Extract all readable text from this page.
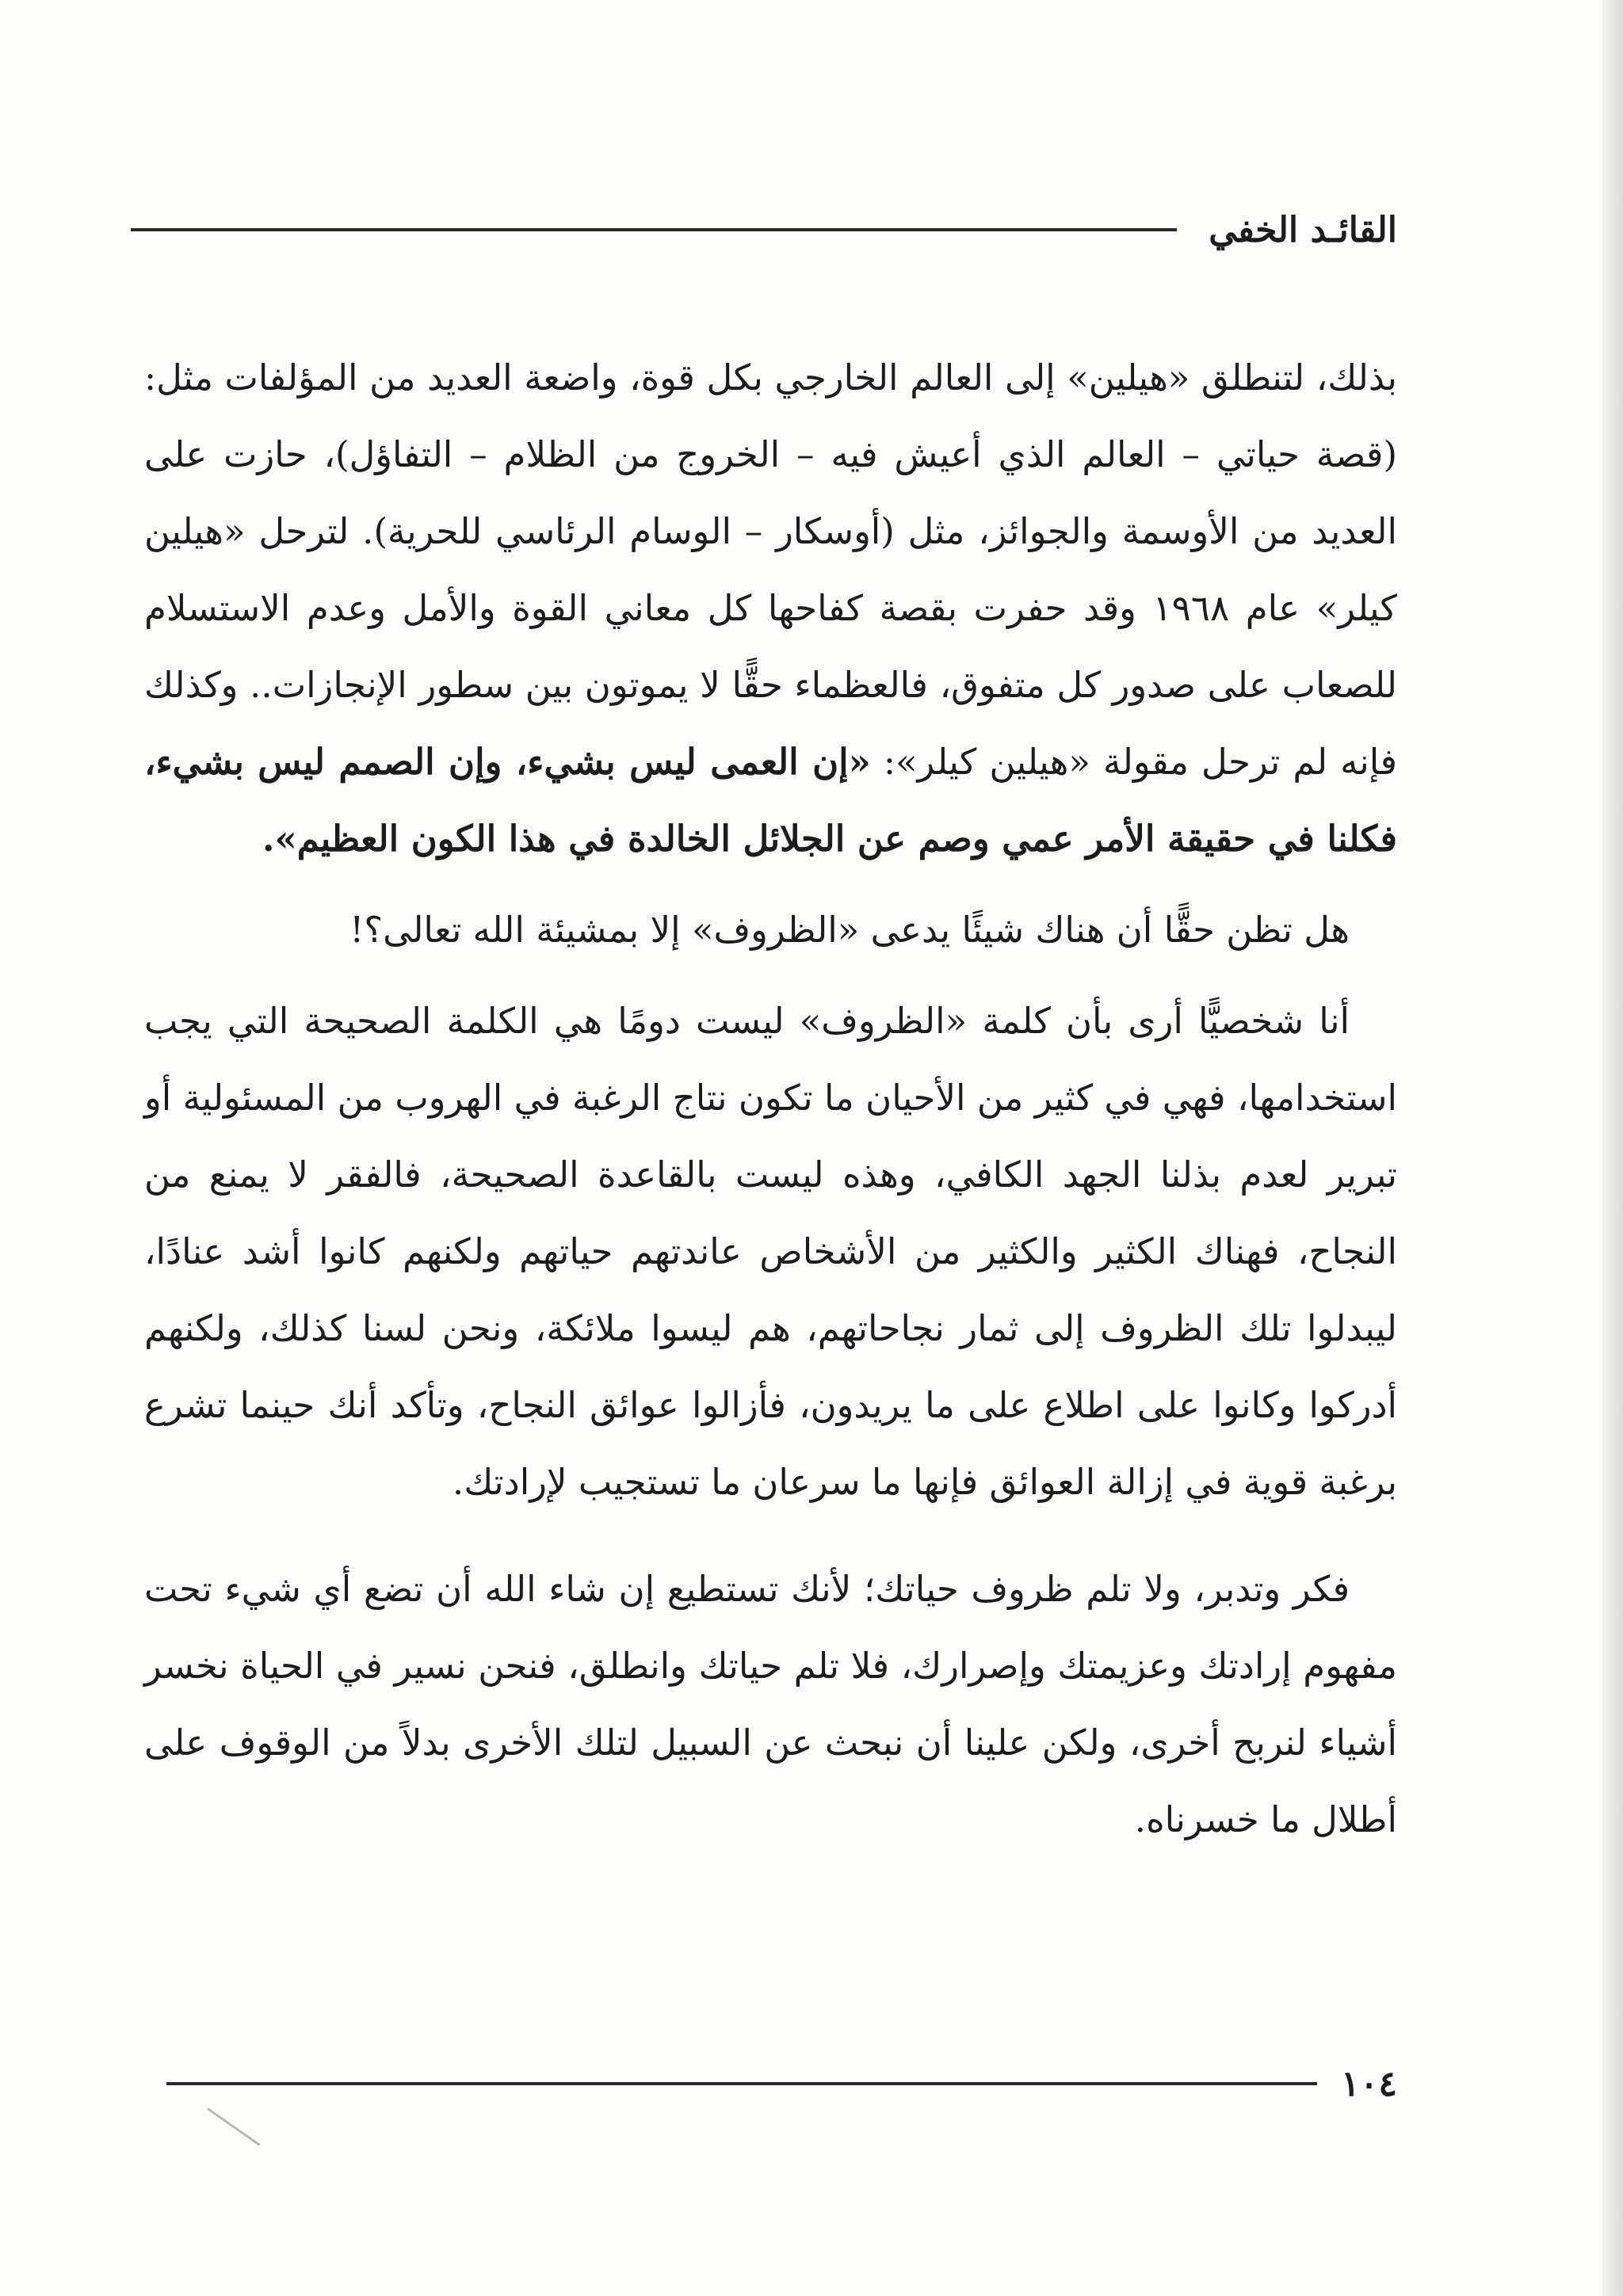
القائـد الخفي

بذلك، لتنطلق «هيلين» إلى العالم الخارجي بكل قوة، واضعة العديد من المؤلفات مثل: (قصة حياتي – العالم الذي أعيش فيه – الخروج من الظلام – التفاؤل)، حازت على العديد من الأوسمة والجوائز، مثل (أوسكار – الوسام الرئاسي للحرية). لترحل «هيلين كيلر» عام ١٩٦٨ وقد حفرت بقصة كفاحها كل معاني القوة والأمل وعدم الاستسلام للصعاب على صدور كل متفوق، فالعظماء حقًّا لا يموتون بين سطور الإنجازات.. وكذلك فإنه لم ترحل مقولة «هيلين كيلر»: «إن العمى ليس بشيء، وإن الصمم ليس بشيء، فكلنا في حقيقة الأمر عمي وصم عن الجلائل الخالدة في هذا الكون العظيم».

هل تظن حقًّا أن هناك شيئًا يدعى «الظروف» إلا بمشيئة الله تعالى؟!

أنا شخصيًّا أرى بأن كلمة «الظروف» ليست دومًا هي الكلمة الصحيحة التي يجب استخدامها، فهي في كثير من الأحيان ما تكون نتاج الرغبة في الهروب من المسئولية أو تبرير لعدم بذلنا الجهد الكافي، وهذه ليست بالقاعدة الصحيحة، فالفقر لا يمنع من النجاح، فهناك الكثير والكثير من الأشخاص عاندتهم حياتهم ولكنهم كانوا أشد عنادًا، ليبدلوا تلك الظروف إلى ثمار نجاحاتهم، هم ليسوا ملائكة، ونحن لسنا كذلك، ولكنهم أدركوا وكانوا على اطلاع على ما يريدون، فأزالوا عوائق النجاح، وتأكد أنك حينما تشرع برغبة قوية في إزالة العوائق فإنها ما سرعان ما تستجيب لإرادتك.

فكر وتدبر، ولا تلم ظروف حياتك؛ لأنك تستطيع إن شاء الله أن تضع أي شيء تحت مفهوم إرادتك وعزيمتك وإصرارك، فلا تلم حياتك وانطلق، فنحن نسير في الحياة نخسر أشياء لنربح أخرى، ولكن علينا أن نبحث عن السبيل لتلك الأخرى بدلاً من الوقوف على أطلال ما خسرناه.

١٠٤
